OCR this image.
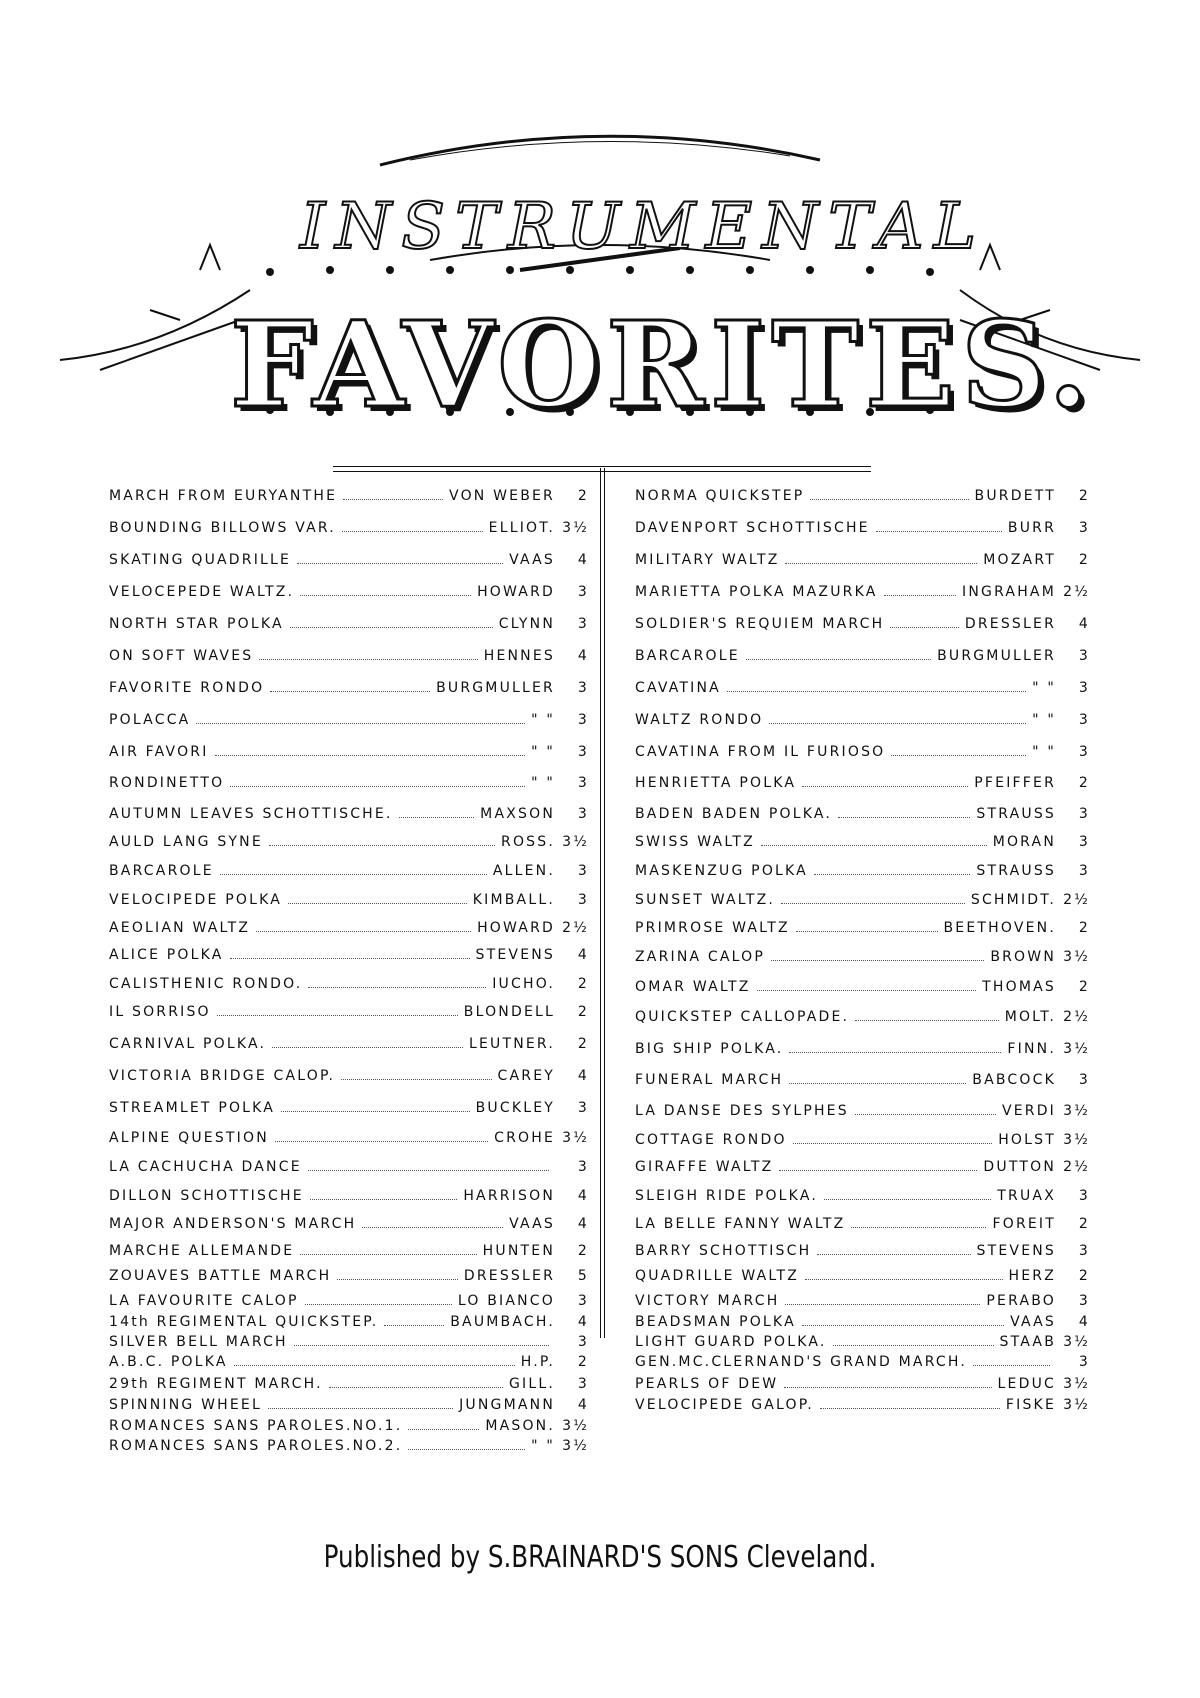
INSTRUMENTAL
FAVORITES.
MARCH FROM EURYANTHE	VON WEBER	2
BOUNDING BILLOWS VAR.	ELLIOT. 3½
SKATING QUADRILLE	VAAS	4
VELOCEPEDE WALTZ.	HOWARD	3
NORTH STAR POLKA	CLYNN	3
ON SOFT WAVES	HENNES	4
FAVORITE RONDO	BURGMULLER	3
POLACCA	" "	3
AIR FAVORI	" "	3
RONDINETTO	" "	3
AUTUMN LEAVES SCHOTTISCHE.	MAXSON	3
AULD LANG SYNE	ROSS. 3½
BARCAROLE	ALLEN.	3
VELOCIPEDE POLKA	KIMBALL.	3
AEOLIAN WALTZ	HOWARD 2½
ALICE POLKA	STEVENS	4
CALISTHENIC RONDO.	IUCHO.	2
IL SORRISO	BLONDELL	2
CARNIVAL POLKA.	LEUTNER.	2
VICTORIA BRIDGE CALOP.	CAREY	4
STREAMLET POLKA	BUCKLEY	3
ALPINE QUESTION	CROHE 3½
LA CACHUCHA DANCE	3
DILLON SCHOTTISCHE	HARRISON	4
MAJOR ANDERSON'S MARCH	VAAS	4
MARCHE ALLEMANDE	HUNTEN	2
ZOUAVES BATTLE MARCH	DRESSLER	5
LA FAVOURITE CALOP	LO BIANCO	3
14th REGIMENTAL QUICKSTEP.	BAUMBACH.	4
SILVER BELL MARCH	3
A.B.C. POLKA	H.P.	2
29th REGIMENT MARCH.	GILL.	3
SPINNING WHEEL	JUNGMANN	4
ROMANCES SANS PAROLES.NO.1.	MASON. 3½
ROMANCES SANS PAROLES.NO.2.	" " 3½
NORMA QUICKSTEP	BURDETT	2
DAVENPORT SCHOTTISCHE	BURR	3
MILITARY WALTZ	MOZART	2
MARIETTA POLKA MAZURKA	INGRAHAM 2½
SOLDIER'S REQUIEM MARCH	DRESSLER	4
BARCAROLE	BURGMULLER	3
CAVATINA	" "	3
WALTZ RONDO	" "	3
CAVATINA FROM IL FURIOSO	" "	3
HENRIETTA POLKA	PFEIFFER	2
BADEN BADEN POLKA.	STRAUSS	3
SWISS WALTZ	MORAN	3
MASKENZUG POLKA	STRAUSS	3
SUNSET WALTZ.	SCHMIDT. 2½
PRIMROSE WALTZ	BEETHOVEN.	2
ZARINA CALOP	BROWN 3½
OMAR WALTZ	THOMAS	2
QUICKSTEP CALLOPADE.	MOLT. 2½
BIG SHIP POLKA.	FINN. 3½
FUNERAL MARCH	BABCOCK	3
LA DANSE DES SYLPHES	VERDI 3½
COTTAGE RONDO	HOLST 3½
GIRAFFE WALTZ	DUTTON 2½
SLEIGH RIDE POLKA.	TRUAX	3
LA BELLE FANNY WALTZ	FOREIT	2
BARRY SCHOTTISCH	STEVENS	3
QUADRILLE WALTZ	HERZ	2
VICTORY MARCH	PERABO	3
BEADSMAN POLKA	VAAS	4
LIGHT GUARD POLKA.	STAAB 3½
GEN.MC.CLERNAND'S GRAND MARCH.	3
PEARLS OF DEW	LEDUC 3½
VELOCIPEDE GALOP.	FISKE 3½
Published by S.BRAINARD'S SONS Cleveland.
